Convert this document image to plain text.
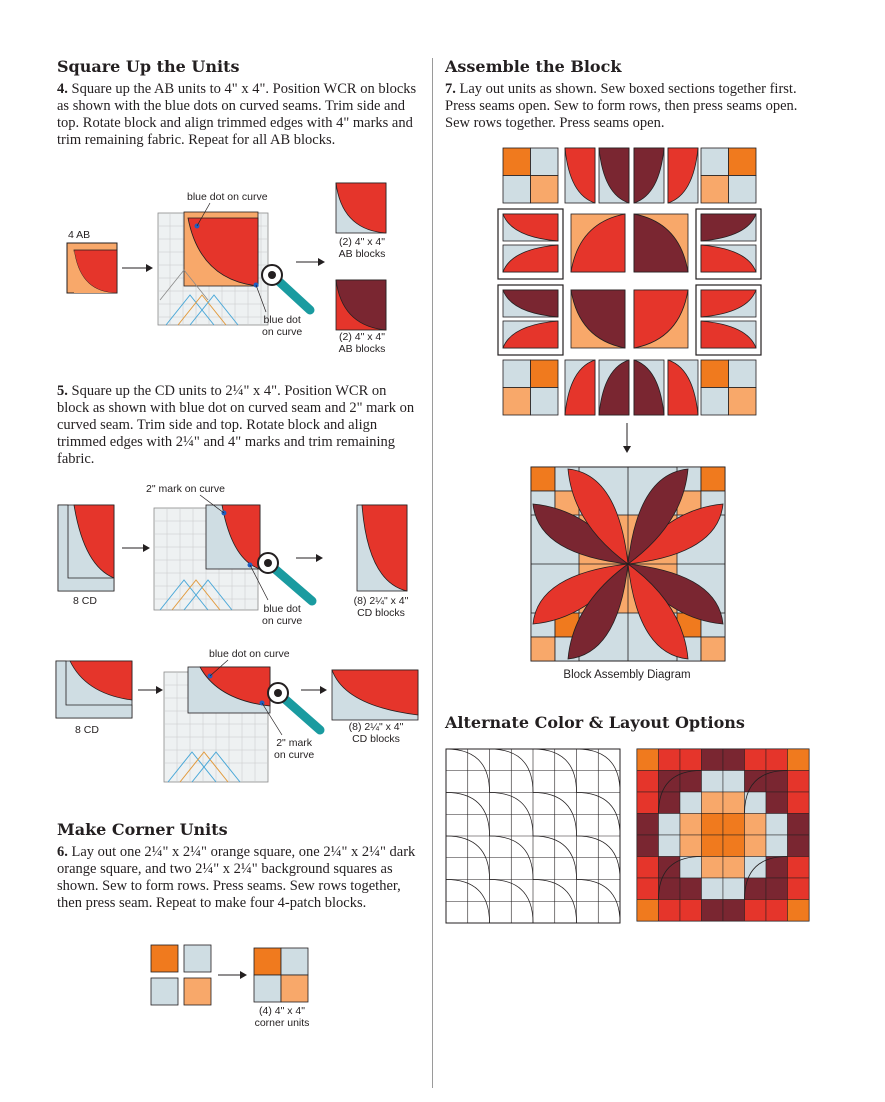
Square Up the Units
4. Square up the AB units to 4" x 4". Position WCR on blocks as shown with the blue dots on curved seams. Trim side and top. Rotate block and align trimmed edges with 4" marks and trim remaining fabric. Repeat for all AB blocks.
4 AB
blue dot on curve
blue dot
on curve
(2) 4" x 4"
AB blocks
(2) 4" x 4"
AB blocks
5. Square up the CD units to 2¼" x 4". Position WCR on block as shown with blue dot on curved seam and 2" mark on curved seam. Trim side and top. Rotate block and align trimmed edges with 2¼" and 4" marks and trim remaining fabric.
2" mark on curve
8 CD
blue dot
on curve
(8) 2¼" x 4"
CD blocks
blue dot on curve
8 CD
2" mark
on curve
(8) 2¼" x 4"
CD blocks
Make Corner Units
6. Lay out one 2¼" x 2¼" orange square, one 2¼" x 2¼" dark orange square, and two 2¼" x 2¼" background squares as shown. Sew to form rows. Press seams. Sew rows together, then press seam. Repeat to make four 4-patch blocks.
(4) 4" x 4"
corner units
Assemble the Block
7. Lay out units as shown. Sew boxed sections together first. Press seams open. Sew to form rows, then press seams open. Sew rows together. Press seams open.
Block Assembly Diagram
Alternate Color & Layout Options
